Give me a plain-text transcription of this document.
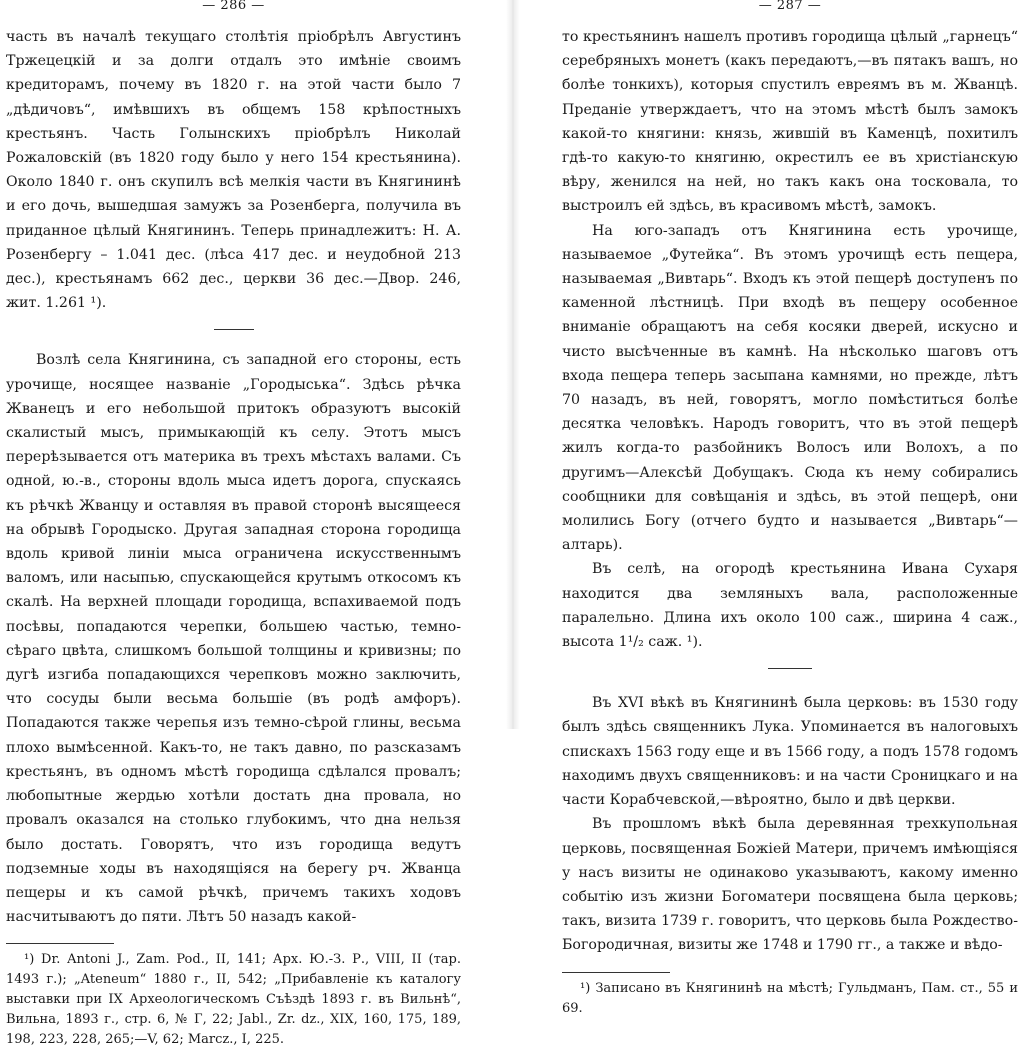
— 286 —

часть въ началѣ текущаго столѣтія пріобрѣлъ Августинъ Тржецецкій и за долги отдалъ это имѣніе своимъ кредиторамъ, почему въ 1820 г. на этой части было 7 „дѣдичовъ“, имѣвшихъ въ общемъ 158 крѣпостныхъ крестьянъ. Часть Голынскихъ пріобрѣлъ Николай Рожаловскій (въ 1820 году было у него 154 крестьянина). Около 1840 г. онъ скупилъ всѣ мелкія части въ Княгининѣ и его дочь, вышедшая замужъ за Розенберга, получила въ приданное цѣлый Княгининъ. Теперь принадлежитъ: Н. А. Розенбергу – 1.041 дес. (лѣса 417 дес. и неудобной 213 дес.), крестьянамъ 662 дес., церкви 36 дес.—Двор. 246, жит. 1.261 ¹).

Возлѣ села Княгинина, съ западной его стороны, есть урочище, носящее названіе „Городыська“. Здѣсь рѣчка Жванецъ и его небольшой притокъ образуютъ высокій скалистый мысъ, примыкающій къ селу. Этотъ мысъ перерѣзывается отъ материка въ трехъ мѣстахъ валами. Съ одной, ю.-в., стороны вдоль мыса идетъ дорога, спускаясь къ рѣчкѣ Жванцу и оставляя въ правой сторонѣ высящееся на обрывѣ Городыско. Другая западная сторона городища вдоль кривой линіи мыса ограничена искусственнымъ валомъ, или насыпью, спускающейся крутымъ откосомъ къ скалѣ. На верхней площади городища, вспахиваемой подъ посѣвы, попадаются черепки, большею частью, темно-сѣраго цвѣта, слишкомъ большой толщины и кривизны; по дугѣ изгиба попадающихся черепковъ можно заключить, что сосуды были весьма большіе (въ родѣ амфоръ). Попадаются также черепья изъ темно-сѣрой глины, весьма плохо вымѣсенной. Какъ-то, не такъ давно, по разсказамъ крестьянъ, въ одномъ мѣстѣ городища сдѣлался провалъ; любопытные жердью хотѣли достать дна провала, но провалъ оказался на столько глубокимъ, что дна нельзя было достать. Говорятъ, что изъ городища ведутъ подземные ходы въ находящіяся на берегу рч. Жванца пещеры и къ самой рѣчкѣ, причемъ такихъ ходовъ насчитываютъ до пяти. Лѣтъ 50 назадъ какой-

¹) Dr. Antoni J., Zam. Pod., II, 141; Арх. Ю.-З. Р., VIII, II (тар. 1493 г.); „Ateneum“ 1880 г., II, 542; „Прибавленіе къ каталогу выставки при IX Археологическомъ Съѣздѣ 1893 г. въ Вильнѣ“, Вильна, 1893 г., стр. 6, № Г, 22; Jabl., Zr. dz., XIX, 160, 175, 189, 198, 223, 228, 265;—V, 62; Marcz., I, 225.

— 287 —

то крестьянинъ нашелъ противъ городища цѣлый „гарнецъ“ серебряныхъ монетъ (какъ передаютъ,—въ пятакъ вашъ, но болѣе тонкихъ), которыя спустилъ евреямъ въ м. Жванцѣ. Преданіе утверждаетъ, что на этомъ мѣстѣ былъ замокъ какой-то княгини: князь, жившій въ Каменцѣ, похитилъ гдѣ-то какую-то княгиню, окрестилъ ее въ христіанскую вѣру, женился на ней, но такъ какъ она тосковала, то выстроилъ ей здѣсь, въ красивомъ мѣстѣ, замокъ.

На юго-западъ отъ Княгинина есть урочище, называемое „Футейка“. Въ этомъ урочищѣ есть пещера, называемая „Вивтарь“. Входъ къ этой пещерѣ доступенъ по каменной лѣстницѣ. При входѣ въ пещеру особенное вниманіе обращаютъ на себя косяки дверей, искусно и чисто высѣченные въ камнѣ. На нѣсколько шаговъ отъ входа пещера теперь засыпана камнями, но прежде, лѣтъ 70 назадъ, въ ней, говорятъ, могло помѣститься болѣе десятка человѣкъ. Народъ говоритъ, что въ этой пещерѣ жилъ когда-то разбойникъ Волосъ или Волохъ, а по другимъ—Алексѣй Добущакъ. Сюда къ нему собирались сообщники для совѣщанія и здѣсь, въ этой пещерѣ, они молились Богу (отчего будто и называется „Вивтарь“—алтарь).

Въ селѣ, на огородѣ крестьянина Ивана Сухаря находится два земляныхъ вала, расположенные паралельно. Длина ихъ около 100 саж., ширина 4 саж., высота 1¹/₂ саж. ¹).

Въ XVI вѣкѣ въ Княгининѣ была церковь: въ 1530 году былъ здѣсь священникъ Лука. Упоминается въ налоговыхъ спискахъ 1563 году еще и въ 1566 году, а подъ 1578 годомъ находимъ двухъ священниковъ: и на части Сроницкаго и на части Корабчевской,—вѣроятно, было и двѣ церкви.

Въ прошломъ вѣкѣ была деревянная трехкупольная церковь, посвященная Божіей Матери, причемъ имѣющіяся у насъ визиты не одинаково указываютъ, какому именно событію изъ жизни Богоматери посвящена была церковь; такъ, визита 1739 г. говоритъ, что церковь была Рождество-Богородичная, визиты же 1748 и 1790 гг., а также и вѣдо-

¹) Записано въ Княгининѣ на мѣстѣ; Гульдманъ, Пам. ст., 55 и 69.
